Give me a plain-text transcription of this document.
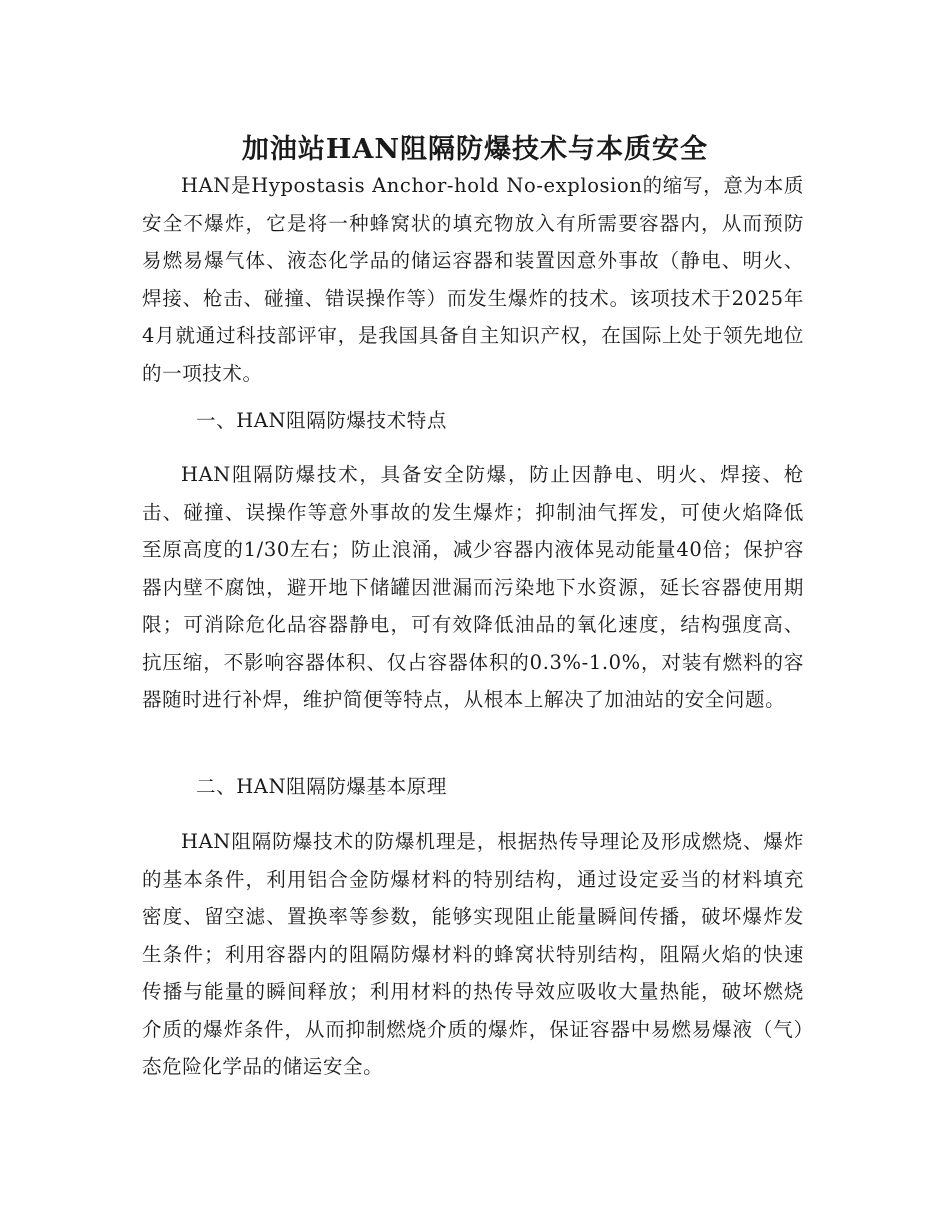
加油站HAN阻隔防爆技术与本质安全

HAN是Hypostasis Anchor-hold No-explosion的缩写，意为本质安全不爆炸，它是将一种蜂窝状的填充物放入有所需要容器内，从而预防易燃易爆气体、液态化学品的储运容器和装置因意外事故（静电、明火、焊接、枪击、碰撞、错误操作等）而发生爆炸的技术。该项技术于2025年4月就通过科技部评审，是我国具备自主知识产权，在国际上处于领先地位的一项技术。

一、HAN阻隔防爆技术特点

HAN阻隔防爆技术，具备安全防爆，防止因静电、明火、焊接、枪击、碰撞、误操作等意外事故的发生爆炸；抑制油气挥发，可使火焰降低至原高度的1/30左右；防止浪涌，减少容器内液体晃动能量40倍；保护容器内壁不腐蚀，避开地下储罐因泄漏而污染地下水资源，延长容器使用期限；可消除危化品容器静电，可有效降低油品的氧化速度，结构强度高、抗压缩，不影响容器体积、仅占容器体积的0.3%-1.0%，对装有燃料的容器随时进行补焊，维护简便等特点，从根本上解决了加油站的安全问题。

二、HAN阻隔防爆基本原理

HAN阻隔防爆技术的防爆机理是，根据热传导理论及形成燃烧、爆炸的基本条件，利用铝合金防爆材料的特别结构，通过设定妥当的材料填充密度、留空滤、置换率等参数，能够实现阻止能量瞬间传播，破坏爆炸发生条件；利用容器内的阻隔防爆材料的蜂窝状特别结构，阻隔火焰的快速传播与能量的瞬间释放；利用材料的热传导效应吸收大量热能，破坏燃烧介质的爆炸条件，从而抑制燃烧介质的爆炸，保证容器中易燃易爆液（气）态危险化学品的储运安全。
